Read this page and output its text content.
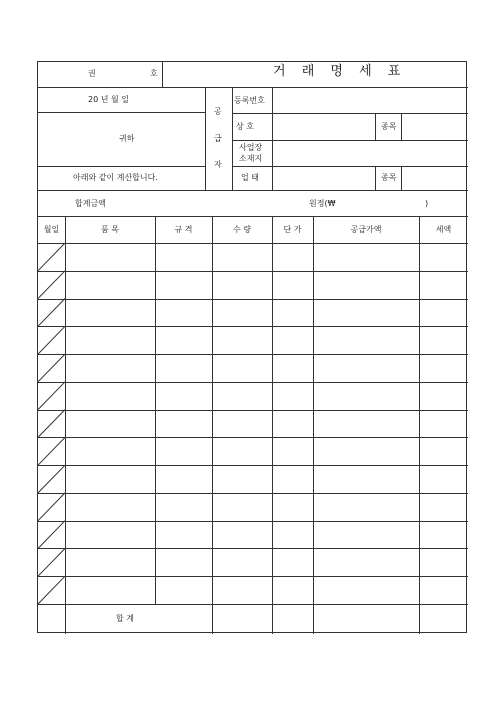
권	호	거 래 명 세 표
20 년 월 일
귀하
아래와 같이 계산합니다.
공
급
자
등록번호
상 호	종목
사업장
소재지
업 태	종목
합계금액	원정(₩	)
월일	품 목	규 격	수 량	단 가	공급가액	세액
합 계
